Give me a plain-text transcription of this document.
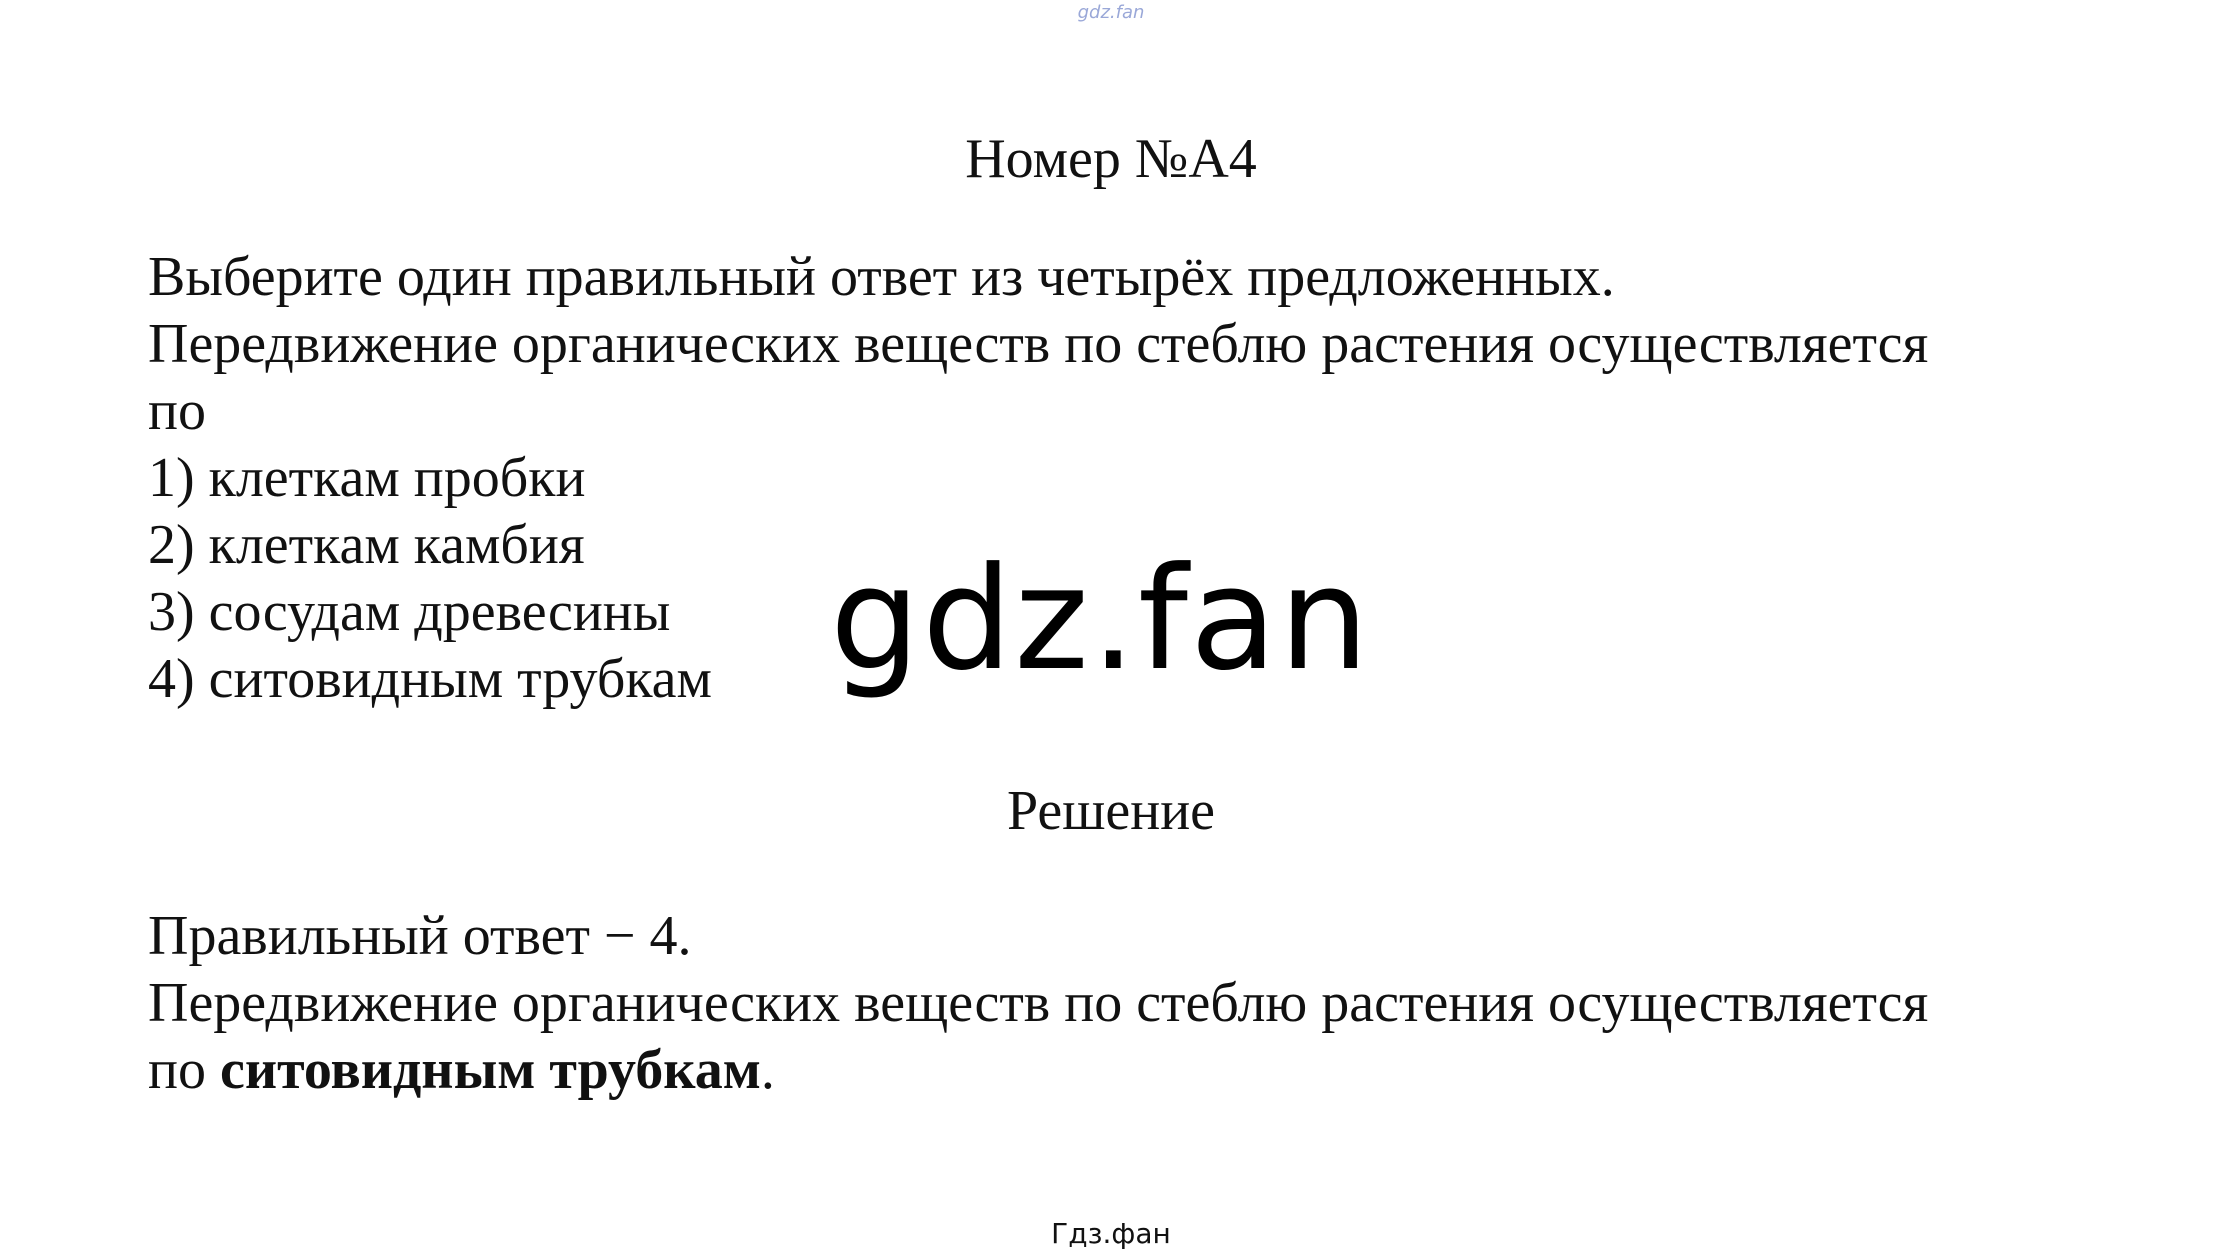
gdz.fan
Номер №А4
Выберите один правильный ответ из четырёх предложенных.
Передвижение органических веществ по стеблю растения осуществляется
по
1) клеткам пробки
2) клеткам камбия
3) сосудам древесины
4) ситовидным трубкам gdz.fan
Решение
Правильный ответ − 4.
Передвижение органических веществ по стеблю растения осуществляется
по ситовидным трубкам.
Гдз.фан
